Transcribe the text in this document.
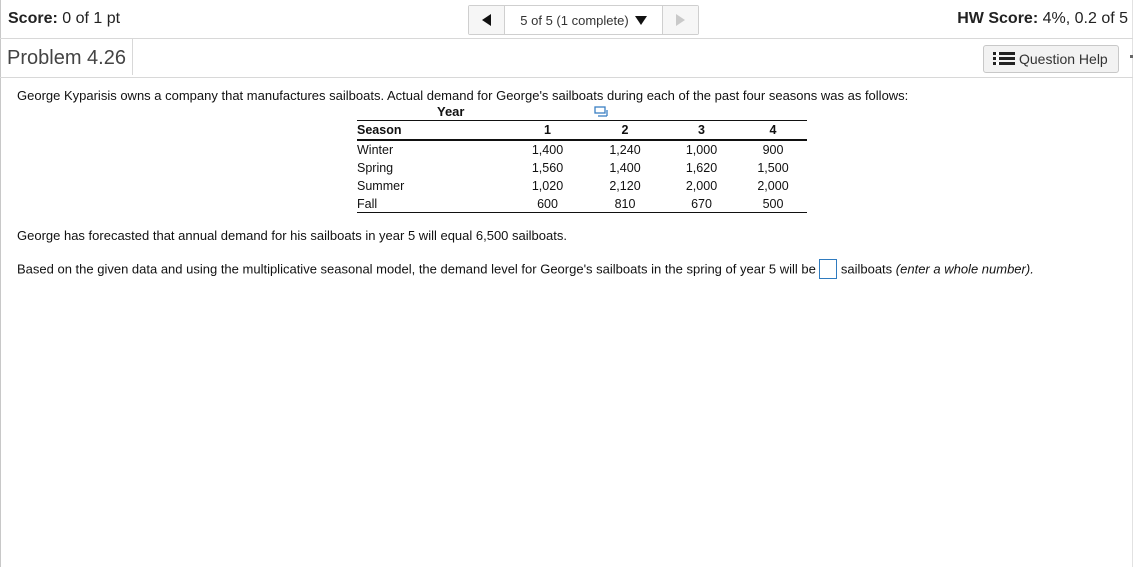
Score: 0 of 1 pt	5 of 5 (1 complete)	HW Score: 4%, 0.2 of 5
Problem 4.26	Question Help
George Kyparisis owns a company that manufactures sailboats. Actual demand for George's sailboats during each of the past four seasons was as follows:
Year
Season	1	2	3	4
Winter	1,400	1,240	1,000	900
Spring	1,560	1,400	1,620	1,500
Summer	1,020	2,120	2,000	2,000
Fall	600	810	670	500
George has forecasted that annual demand for his sailboats in year 5 will equal 6,500 sailboats.
Based on the given data and using the multiplicative seasonal model, the demand level for George's sailboats in the spring of year 5 will be sailboats (enter a whole number).
